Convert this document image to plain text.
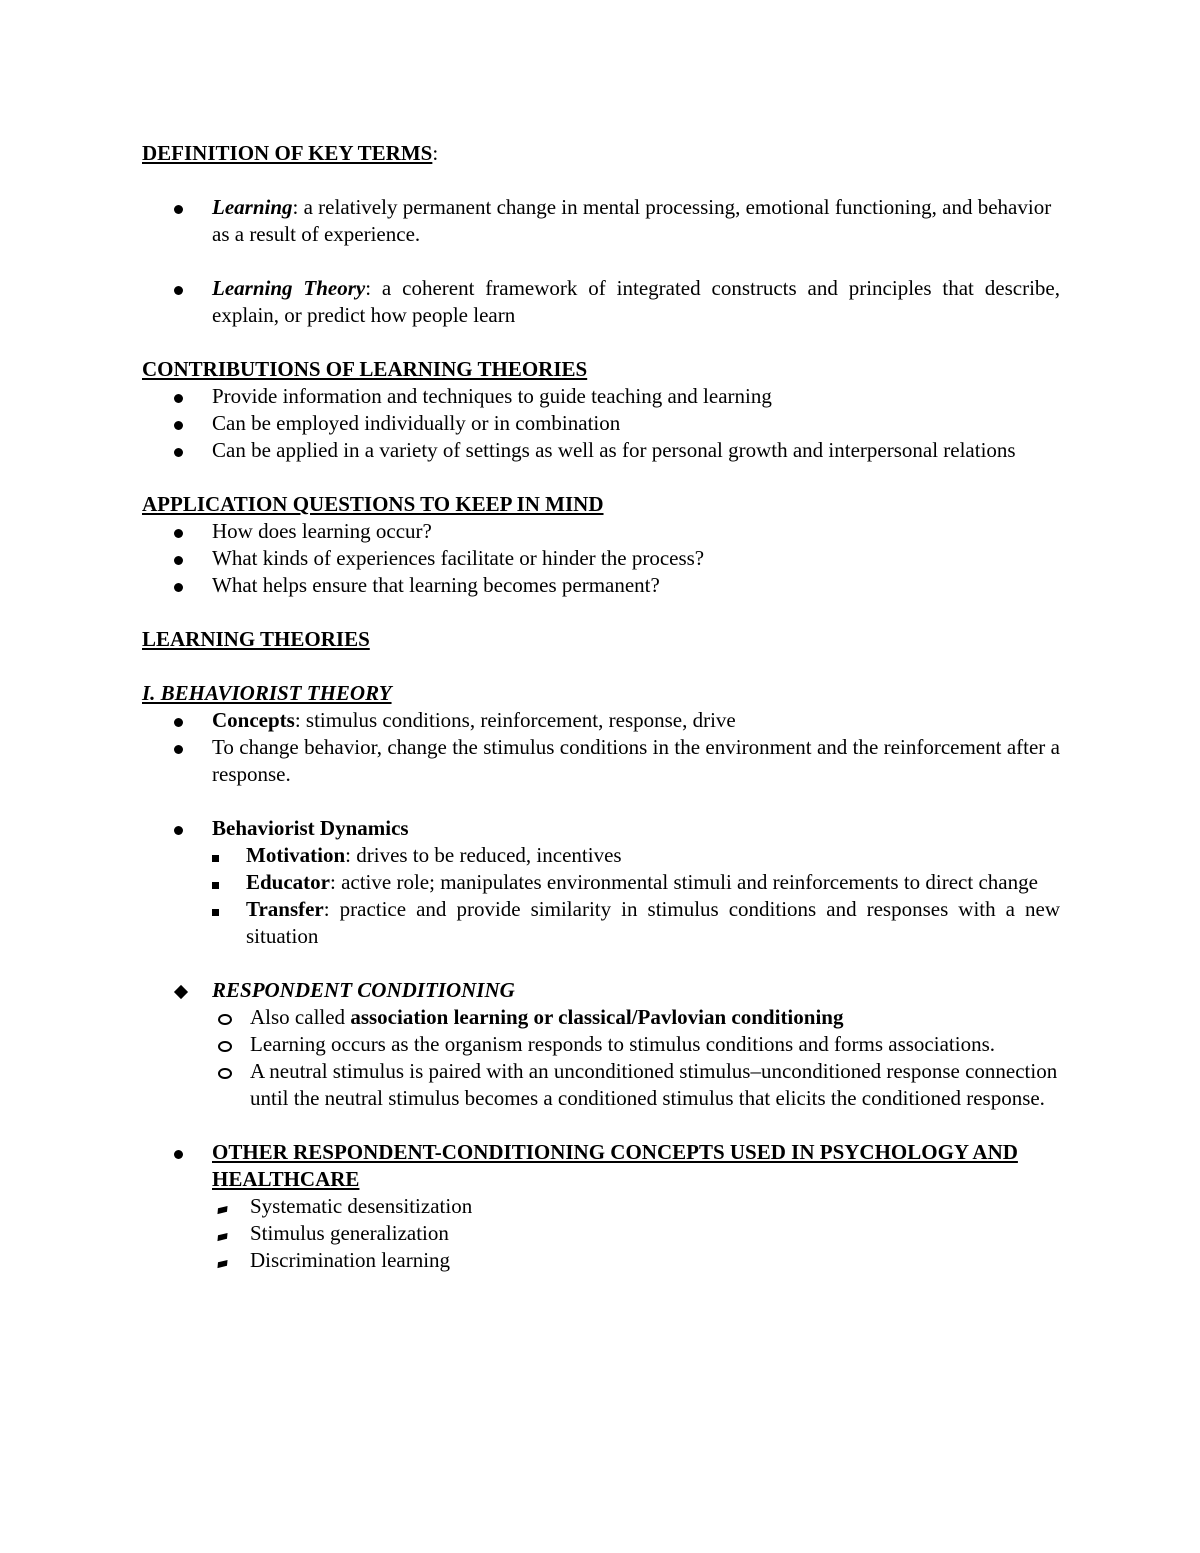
DEFINITION OF KEY TERMS:
Learning: a relatively permanent change in mental processing, emotional functioning, and behavior as a result of experience.
Learning Theory: a coherent framework of integrated constructs and principles that describe, explain, or predict how people learn
CONTRIBUTIONS OF LEARNING THEORIES
Provide information and techniques to guide teaching and learning
Can be employed individually or in combination
Can be applied in a variety of settings as well as for personal growth and interpersonal relations
APPLICATION QUESTIONS TO KEEP IN MIND
How does learning occur?
What kinds of experiences facilitate or hinder the process?
What helps ensure that learning becomes permanent?
LEARNING THEORIES
I. BEHAVIORIST THEORY
Concepts: stimulus conditions, reinforcement, response, drive
To change behavior, change the stimulus conditions in the environment and the reinforcement after a response.
Behaviorist Dynamics
Motivation: drives to be reduced, incentives
Educator: active role; manipulates environmental stimuli and reinforcements to direct change
Transfer: practice and provide similarity in stimulus conditions and responses with a new situation
RESPONDENT CONDITIONING
Also called association learning or classical/Pavlovian conditioning
Learning occurs as the organism responds to stimulus conditions and forms associations.
A neutral stimulus is paired with an unconditioned stimulus–unconditioned response connection until the neutral stimulus becomes a conditioned stimulus that elicits the conditioned response.
OTHER RESPONDENT-CONDITIONING CONCEPTS USED IN PSYCHOLOGY AND HEALTHCARE
Systematic desensitization
Stimulus generalization
Discrimination learning
